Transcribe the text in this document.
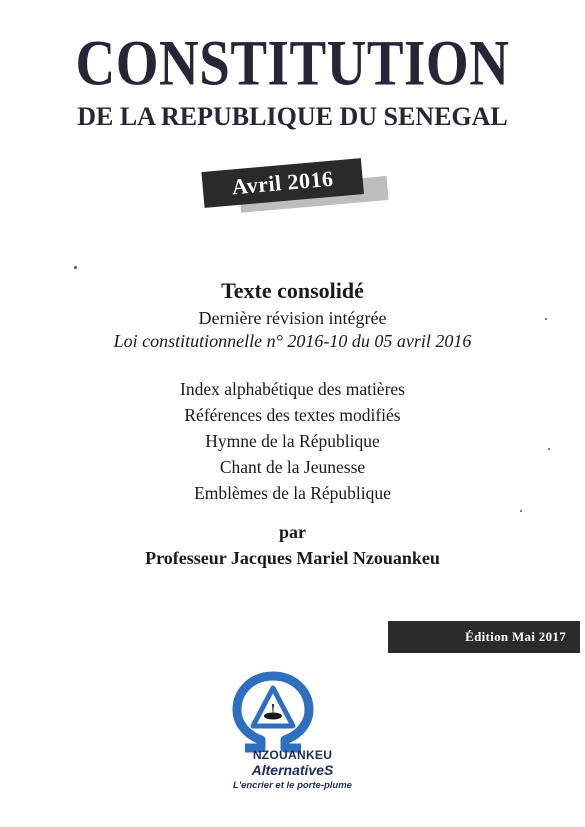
CONSTITUTION
DE LA REPUBLIQUE DU SENEGAL
Avril 2016
Texte consolidé
Dernière révision intégrée
Loi constitutionnelle n° 2016-10 du 05 avril 2016
Index alphabétique des matières
Références des textes modifiés
Hymne de la République
Chant de la Jeunesse
Emblèmes de la République
par
Professeur Jacques Mariel Nzouankeu
Édition Mai 2017
NZOUANKEU
AlternativeS
L'encrier et le porte-plume
